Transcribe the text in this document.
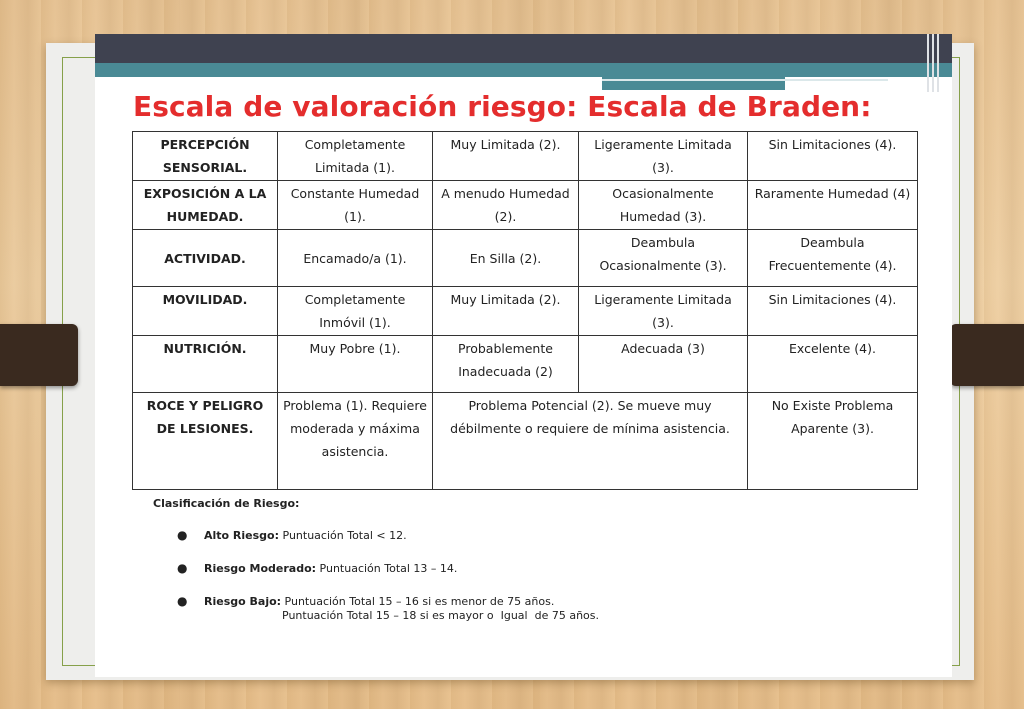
Escala de valoración riesgo: Escala de Braden:
PERCEPCIÓN SENSORIAL.	Completamente Limitada (1).	Muy Limitada (2).	Ligeramente Limitada (3).	Sin Limitaciones (4).
EXPOSICIÓN A LA HUMEDAD.	Constante Humedad (1).	A menudo Humedad (2).	Ocasionalmente Humedad (3).	Raramente Humedad (4)
ACTIVIDAD.	Encamado/a (1).	En Silla (2).	Deambula Ocasionalmente (3).	Deambula Frecuentemente (4).
MOVILIDAD.	Completamente Inmóvil (1).	Muy Limitada (2).	Ligeramente Limitada (3).	Sin Limitaciones (4).
NUTRICIÓN.	Muy Pobre (1).	Probablemente Inadecuada (2)	Adecuada (3)	Excelente (4).
ROCE Y PELIGRO DE LESIONES.	Problema (1). Requiere moderada y máxima asistencia.	Problema Potencial (2). Se mueve muy débilmente o requiere de mínima asistencia.		No Existe Problema Aparente (3).

Clasificación de Riesgo:

● Alto Riesgo: Puntuación Total < 12.
● Riesgo Moderado: Puntuación Total 13 – 14.
● Riesgo Bajo: Puntuación Total 15 – 16 si es menor de 75 años.
Puntuación Total 15 – 18 si es mayor o  Igual  de 75 años.
